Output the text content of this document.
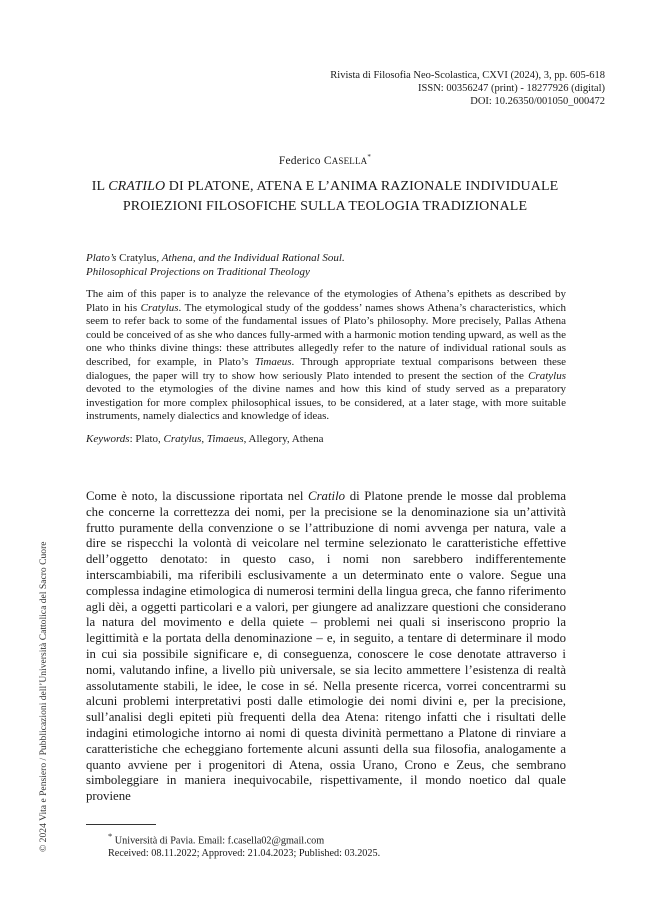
Rivista di Filosofia Neo-Scolastica, CXVI (2024), 3, pp. 605-618
ISSN: 00356247 (print) - 18277926 (digital)
DOI: 10.26350/001050_000472
Federico CASELLA*
IL CRATILO DI PLATONE, ATENA E L’ANIMA RAZIONALE INDIVIDUALE
PROIEZIONI FILOSOFICHE SULLA TEOLOGIA TRADIZIONALE

Plato’s Cratylus, Athena, and the Individual Rational Soul.
Philosophical Projections on Traditional Theology

The aim of this paper is to analyze the relevance of the etymologies of Athena’s epithets as described by Plato in his Cratylus. The etymological study of the goddess’ names shows Athena’s characteristics, which seem to refer back to some of the fundamental issues of Plato’s philosophy. More precisely, Pallas Athena could be conceived of as she who dances fully-armed with a harmonic motion tending upward, as well as the one who thinks divine things: these attributes allegedly refer to the nature of individual rational souls as described, for example, in Plato’s Timaeus. Through appropriate textual comparisons between these dialogues, the paper will try to show how seriously Plato intended to present the section of the Cratylus devoted to the etymologies of the divine names and how this kind of study served as a preparatory investigation for more complex philosophical issues, to be considered, at a later stage, with more suitable instruments, namely dialectics and knowledge of ideas.

Keywords: Plato, Cratylus, Timaeus, Allegory, Athena

Come è noto, la discussione riportata nel Cratilo di Platone prende le mosse dal problema che concerne la correttezza dei nomi, per la precisione se la denominazione sia un’attività frutto puramente della convenzione o se l’attribuzione di nomi avvenga per natura, vale a dire se rispecchi la volontà di veicolare nel termine selezionato le caratteristiche effettive dell’oggetto denotato: in questo caso, i nomi non sarebbero indifferentemente interscambiabili, ma riferibili esclusivamente a un determinato ente o valore. Segue una complessa indagine etimologica di numerosi termini della lingua greca, che fanno riferimento agli dèi, a oggetti particolari e a valori, per giungere ad analizzare questioni che considerano la natura del movimento e della quiete – problemi nei quali si inseriscono proprio la legittimità e la portata della denominazione – e, in seguito, a tentare di determinare il modo in cui sia possibile significare e, di conseguenza, conoscere le cose denotate attraverso i nomi, valutando infine, a livello più universale, se sia lecito ammettere l’esistenza di realtà assolutamente stabili, le idee, le cose in sé. Nella presente ricerca, vorrei concentrarmi su alcuni problemi interpretativi posti dalle etimologie dei nomi divini e, per la precisione, sull’analisi degli epiteti più frequenti della dea Atena: ritengo infatti che i risultati delle indagini etimologiche intorno ai nomi di questa divinità permettano a Platone di rinviare a caratteristiche che echeggiano fortemente alcuni assunti della sua filosofia, analogamente a quanto avviene per i progenitori di Atena, ossia Urano, Crono e Zeus, che sembrano simboleggiare in maniera inequivocabile, rispettivamente, il mondo noetico dal quale proviene

* Università di Pavia. Email: f.casella02@gmail.com
Received: 08.11.2022; Approved: 21.04.2023; Published: 03.2025.
© 2024 Vita e Pensiero / Pubblicazioni dell’Università Cattolica del Sacro Cuore
